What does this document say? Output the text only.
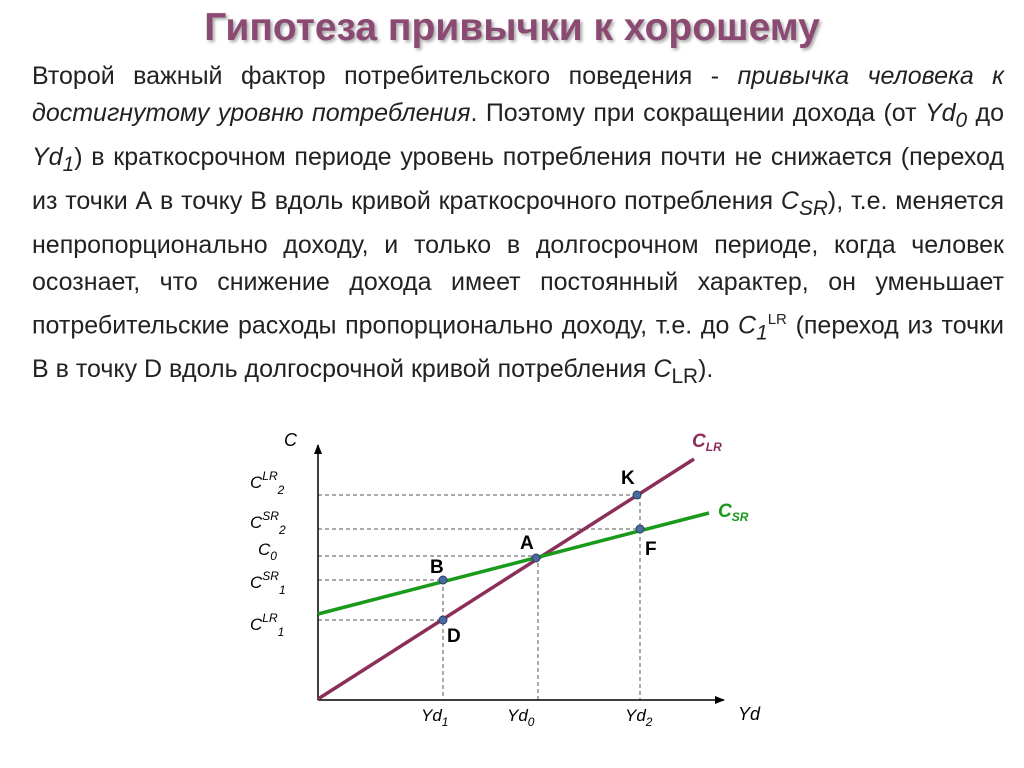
Гипотеза привычки к хорошему
Второй важный фактор потребительского поведения - привычка человека к достигнутому уровню потребления. Поэтому при сокращении дохода (от $Yd_0$ до $Yd_1$) в краткосрочном периоде уровень потребления почти не снижается (переход из точки А в точку В вдоль кривой краткосрочного потребления $C_{SR}$), т.е. меняется непропорционально доходу, и только в долгосрочном периоде, когда человек осознает, что снижение дохода имеет постоянный характер, он уменьшает потребительские расходы пропорционально доходу, т.е. до $C_1^{LR}$ (переход из точки В в точку D вдоль долгосрочной кривой потребления $C_{LR}$).
K
A	F
B
D
$C_{LR}$
$C_{SR}$
C
Yd
$Yd_1$	$Yd_0$	$Yd_2$
$C^{LR}_2$
$C^{SR}_2$
$C_0$
$C^{SR}_1$
$C^{LR}_1$
